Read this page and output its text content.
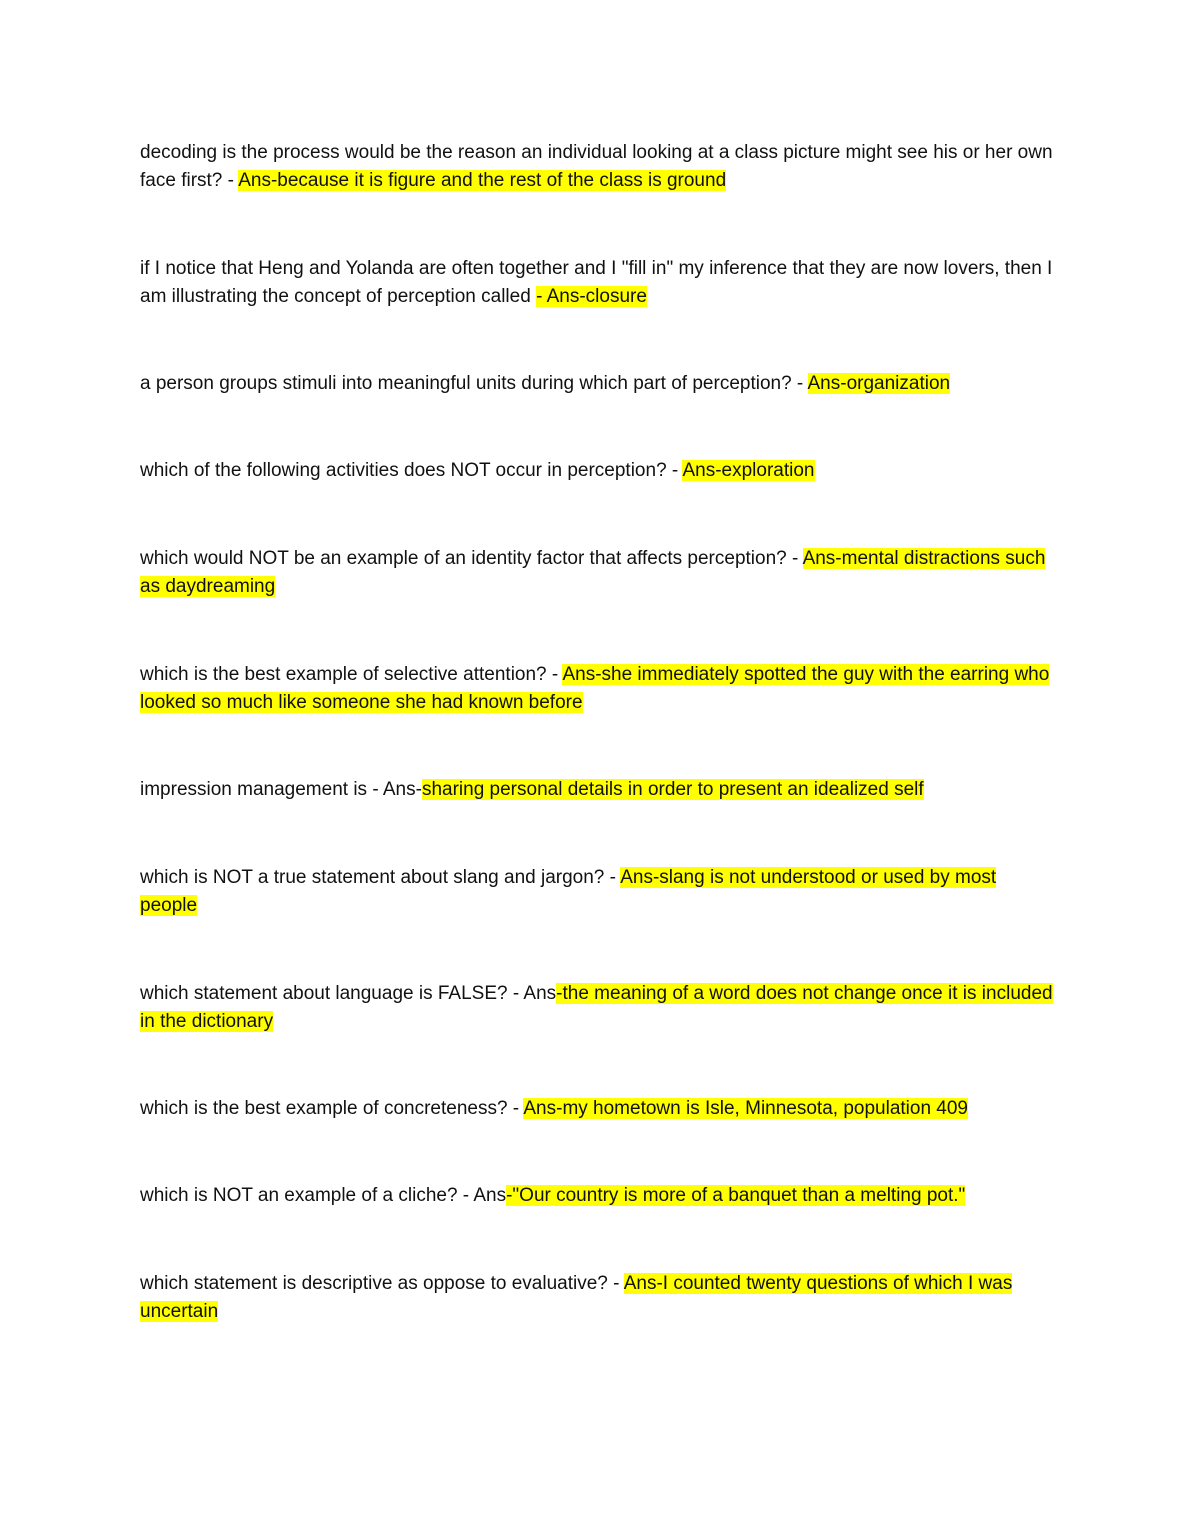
decoding is the process would be the reason an individual looking at a class picture might see his or her own face first? - Ans-because it is figure and the rest of the class is ground

if I notice that Heng and Yolanda are often together and I "fill in" my inference that they are now lovers, then I am illustrating the concept of perception called - Ans-closure

a person groups stimuli into meaningful units during which part of perception? - Ans-organization

which of the following activities does NOT occur in perception? - Ans-exploration

which would NOT be an example of an identity factor that affects perception? - Ans-mental distractions such as daydreaming

which is the best example of selective attention? - Ans-she immediately spotted the guy with the earring who looked so much like someone she had known before

impression management is - Ans-sharing personal details in order to present an idealized self

which is NOT a true statement about slang and jargon? - Ans-slang is not understood or used by most people

which statement about language is FALSE? - Ans-the meaning of a word does not change once it is included in the dictionary

which is the best example of concreteness? - Ans-my hometown is Isle, Minnesota, population 409

which is NOT an example of a cliche? - Ans-"Our country is more of a banquet than a melting pot."

which statement is descriptive as oppose to evaluative? - Ans-I counted twenty questions of which I was uncertain
